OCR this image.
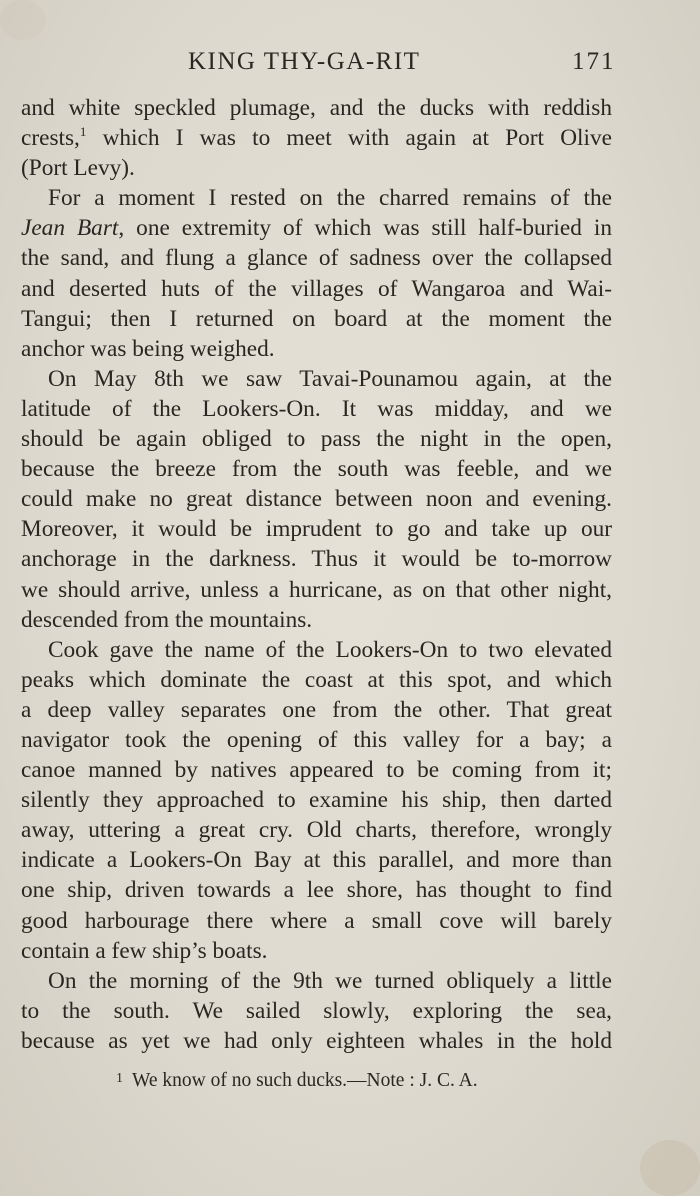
KING THY-GA-RIT	171
and white speckled plumage, and the ducks with reddish
crests,$^1$ which I was to meet with again at Port Olive
(Port Levy).
For a moment I rested on the charred remains of the
Jean Bart, one extremity of which was still half-buried in
the sand, and flung a glance of sadness over the collapsed
and deserted huts of the villages of Wangaroa and Wai-
Tangui; then I returned on board at the moment the
anchor was being weighed.
On May 8th we saw Tavai-Pounamou again, at the
latitude of the Lookers-On. It was midday, and we
should be again obliged to pass the night in the open,
because the breeze from the south was feeble, and we
could make no great distance between noon and evening.
Moreover, it would be imprudent to go and take up our
anchorage in the darkness. Thus it would be to-morrow
we should arrive, unless a hurricane, as on that other night,
descended from the mountains.
Cook gave the name of the Lookers-On to two elevated
peaks which dominate the coast at this spot, and which
a deep valley separates one from the other. That great
navigator took the opening of this valley for a bay; a
canoe manned by natives appeared to be coming from it;
silently they approached to examine his ship, then darted
away, uttering a great cry. Old charts, therefore, wrongly
indicate a Lookers-On Bay at this parallel, and more than
one ship, driven towards a lee shore, has thought to find
good harbourage there where a small cove will barely
contain a few ship’s boats.
On the morning of the 9th we turned obliquely a little
to the south. We sailed slowly, exploring the sea,
because as yet we had only eighteen whales in the hold
$^1$ We know of no such ducks.—Note : J. C. A.
